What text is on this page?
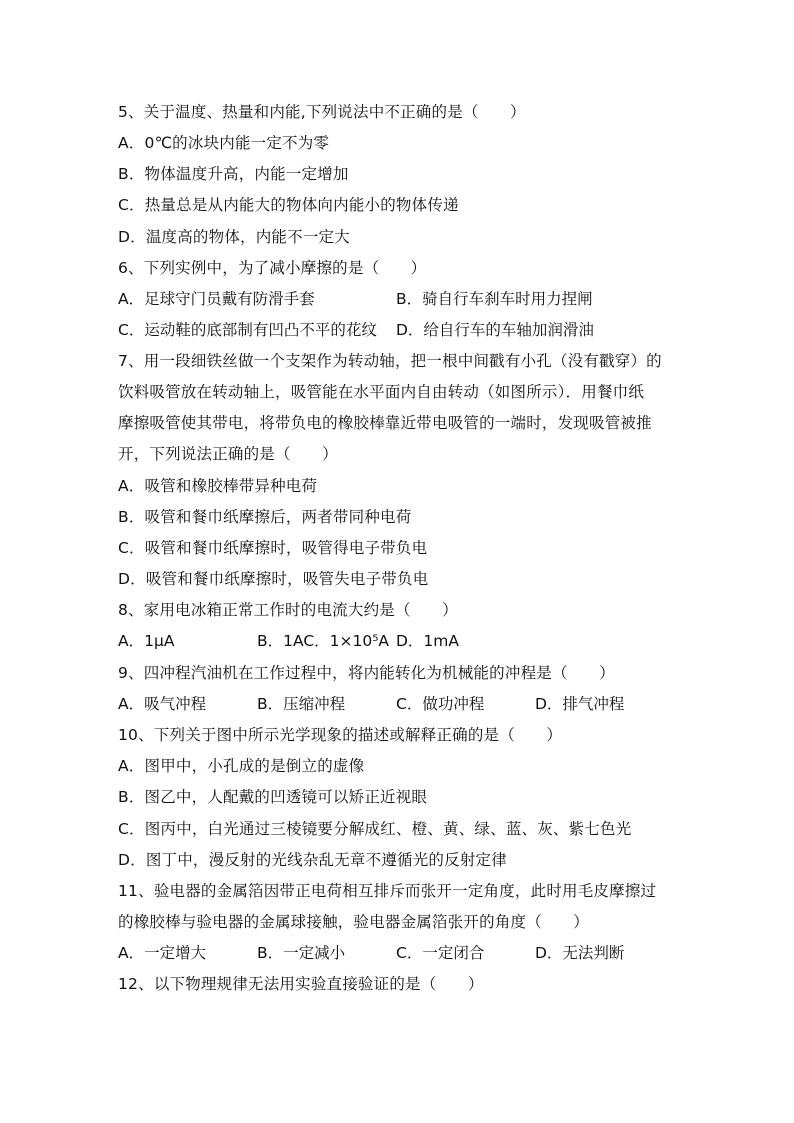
5、关于温度、热量和内能,下列说法中不正确的是（　　）
A．0℃的冰块内能一定不为零
B．物体温度升高，内能一定增加
C．热量总是从内能大的物体向内能小的物体传递
D．温度高的物体，内能不一定大
6、下列实例中，为了减小摩擦的是（　　）

A．足球守门员戴有防滑手套

	B．骑自行车刹车时用力捏闸

C．运动鞋的底部制有凹凸不平的花纹

D．给自行车的车轴加润滑油

7、用一段细铁丝做一个支架作为转动轴，把一根中间戳有小孔（没有戳穿）的
饮料吸管放在转动轴上，吸管能在水平面内自由转动（如图所示）．用餐巾纸
摩擦吸管使其带电，将带负电的橡胶棒靠近带电吸管的一端时，发现吸管被推
开，下列说法正确的是（　　）
A．吸管和橡胶棒带异种电荷
B．吸管和餐巾纸摩擦后，两者带同种电荷
C．吸管和餐巾纸摩擦时，吸管得电子带负电
D．吸管和餐巾纸摩擦时，吸管失电子带负电
8、家用电冰箱正常工作时的电流大约是（　　）

A．1μA

	B．1AC．1×10⁵A

D．1mA

9、四冲程汽油机在工作过程中，将内能转化为机械能的冲程是（　　）

A．吸气冲程

	B．压缩冲程

	C．做功冲程

	D．排气冲程

10、下列关于图中所示光学现象的描述或解释正确的是（　　）
A．图甲中，小孔成的是倒立的虚像
B．图乙中，人配戴的凹透镜可以矫正近视眼
C．图丙中，白光通过三棱镜要分解成红、橙、黄、绿、蓝、灰、紫七色光
D．图丁中，漫反射的光线杂乱无章不遵循光的反射定律
11、验电器的金属箔因带正电荷相互排斥而张开一定角度，此时用毛皮摩擦过
的橡胶棒与验电器的金属球接触，验电器金属箔张开的角度（　　）

A．一定增大

	B．一定减小

	C．一定闭合

	D．无法判断

12、以下物理规律无法用实验直接验证的是（　　）
